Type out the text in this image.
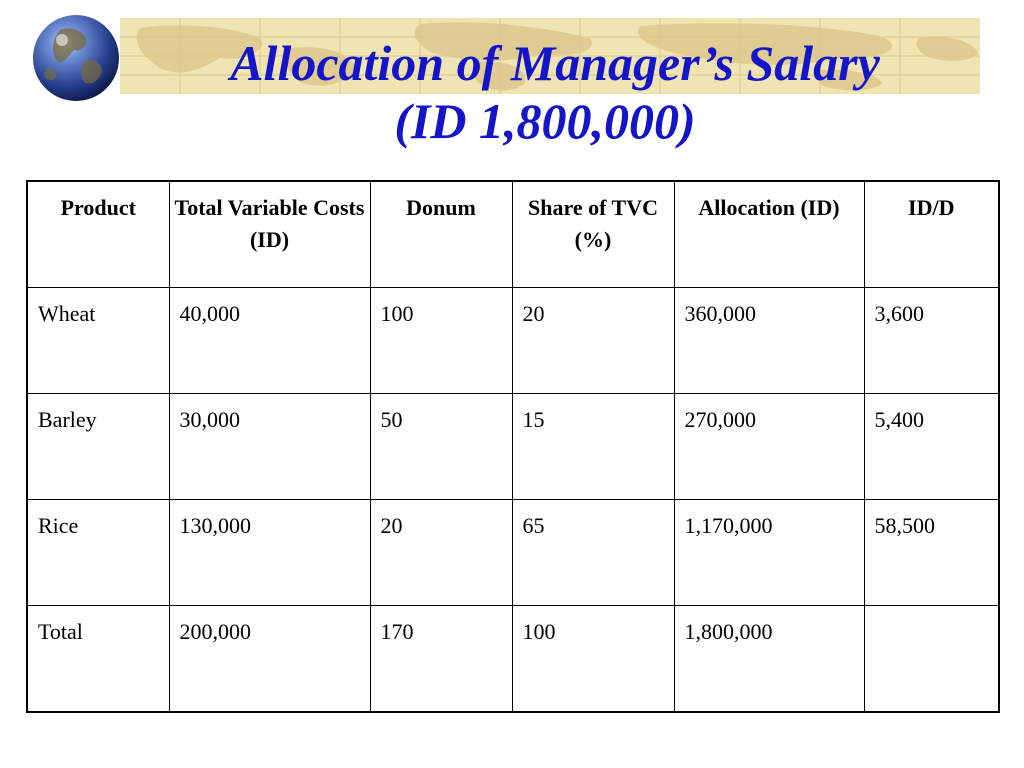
Allocation of Manager’s Salary
(ID 1,800,000)
Product	Total Variable Costs (ID)	Donum	Share of TVC (%)	Allocation (ID)	ID/D
Wheat	40,000	100	20	360,000	3,600
Barley	30,000	50	15	270,000	5,400
Rice	130,000	20	65	1,170,000	58,500
Total	200,000	170	100	1,800,000	
